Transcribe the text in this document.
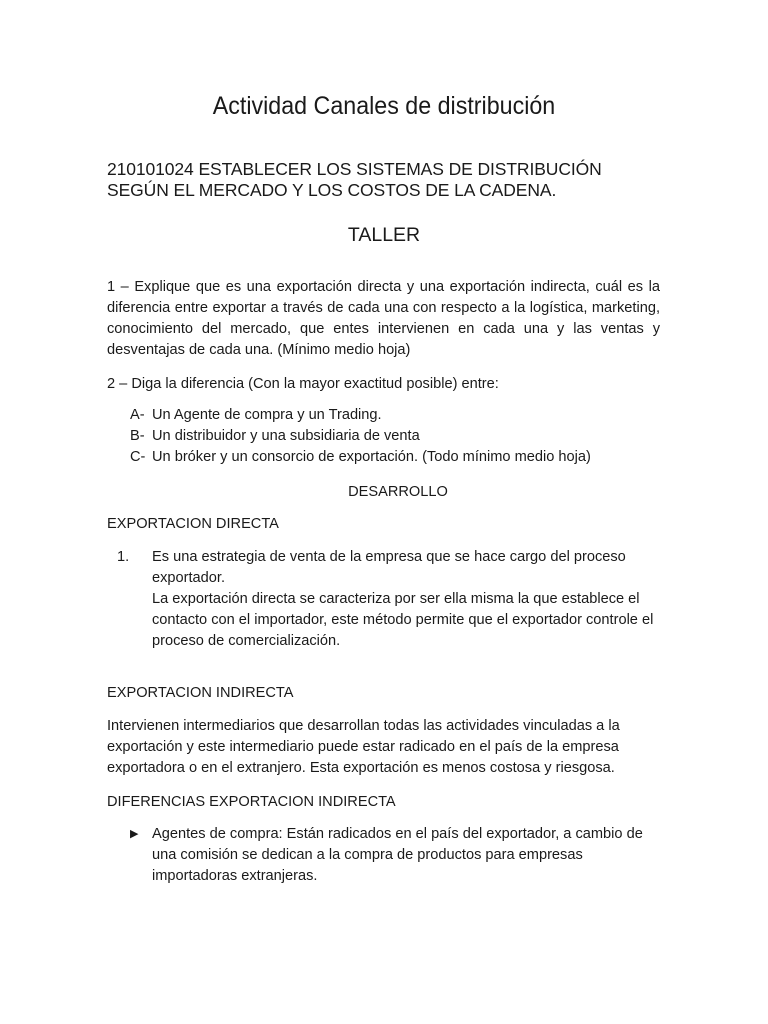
Actividad Canales de distribución
210101024 ESTABLECER LOS SISTEMAS DE DISTRIBUCIÓN
SEGÚN EL MERCADO Y LOS COSTOS DE LA CADENA.
TALLER
1 – Explique que es una exportación directa y una exportación indirecta, cuál es la diferencia entre exportar a través de cada una con respecto a la logística, marketing, conocimiento del mercado, que entes intervienen en cada una y las ventas y desventajas de cada una. (Mínimo medio hoja)
2 – Diga la diferencia (Con la mayor exactitud posible) entre:
A- Un Agente de compra y un Trading.
B- Un distribuidor y una subsidiaria de venta
C- Un bróker y un consorcio de exportación. (Todo mínimo medio hoja)
DESARROLLO
EXPORTACION DIRECTA
1.	Es una estrategia de venta de la empresa que se hace cargo del proceso exportador.
La exportación directa se caracteriza por ser ella misma la que establece el contacto con el importador, este método permite que el exportador controle el proceso de comercialización.
EXPORTACION INDIRECTA
Intervienen intermediarios que desarrollan todas las actividades vinculadas a la exportación y este intermediario puede estar radicado en el país de la empresa exportadora o en el extranjero. Esta exportación es menos costosa y riesgosa.
DIFERENCIAS EXPORTACION INDIRECTA
▶ Agentes de compra: Están radicados en el país del exportador, a cambio de una comisión se dedican a la compra de productos para empresas importadoras extranjeras.
